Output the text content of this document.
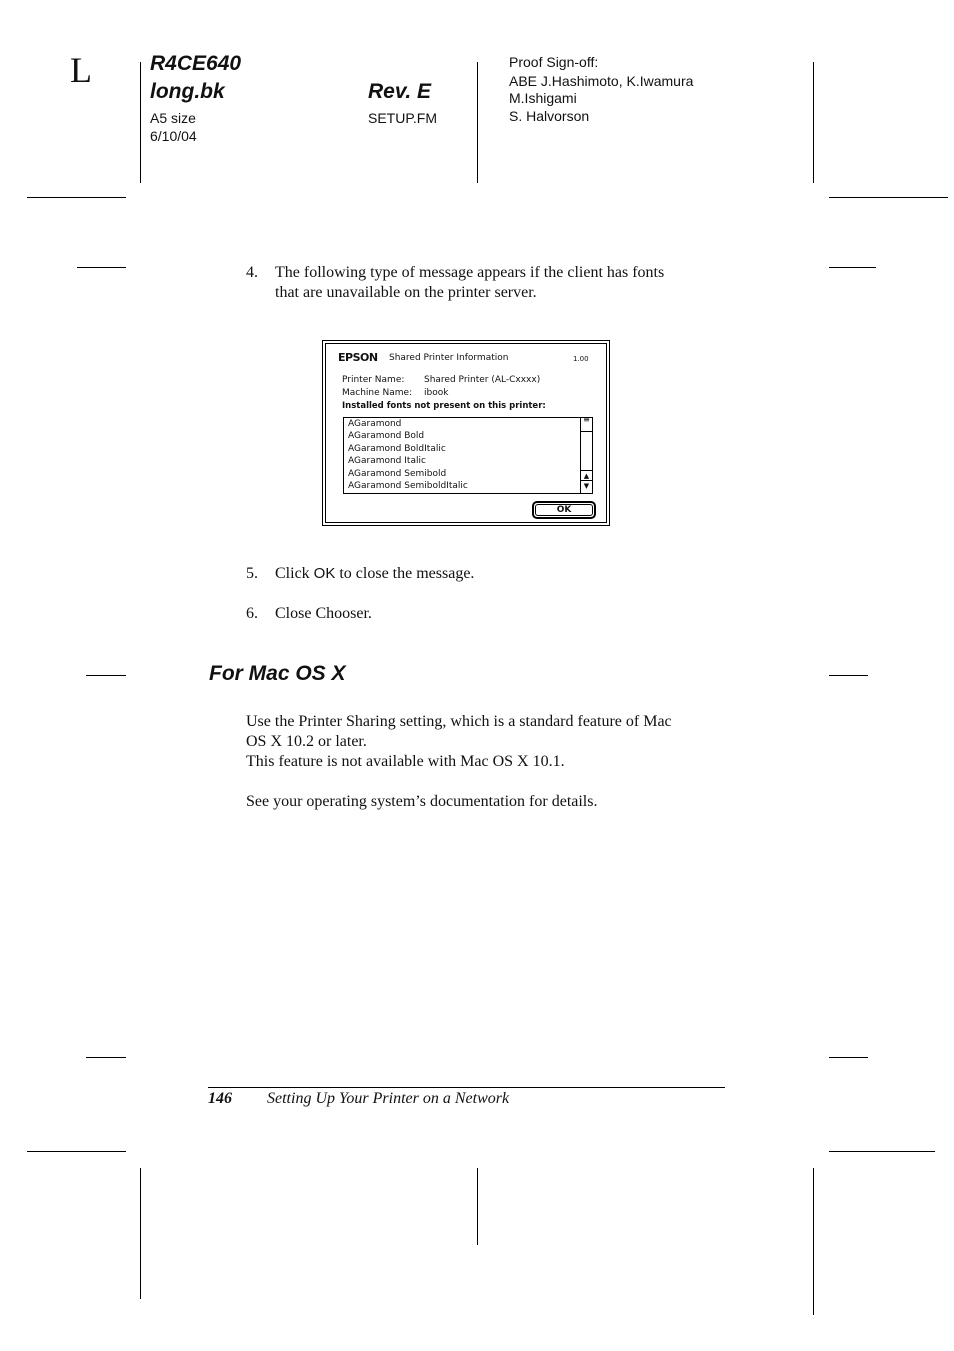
L	R4CE640
long.bk	Rev. E
A5 size
6/10/04
SETUP.FM
Proof Sign-off:
ABE J.Hashimoto, K.Iwamura
M.Ishigami
S. Halvorson
4. The following type of message appears if the client has fonts
that are unavailable on the printer server.
EPSON Shared Printer Information	1.00
Printer Name: Shared Printer (AL-Cxxxx)
Machine Name: ibook
Installed fonts not present on this printer:
AGaramond
AGaramond Bold
AGaramond BoldItalic
AGaramond Italic
AGaramond Semibold
AGaramond SemiboldItalic
≡
▲
▼
OK
5. Click OK to close the message.
6. Close Chooser.
For Mac OS X
Use the Printer Sharing setting, which is a standard feature of Mac
OS X 10.2 or later.
This feature is not available with Mac OS X 10.1.
See your operating system’s documentation for details.
146 Setting Up Your Printer on a Network
